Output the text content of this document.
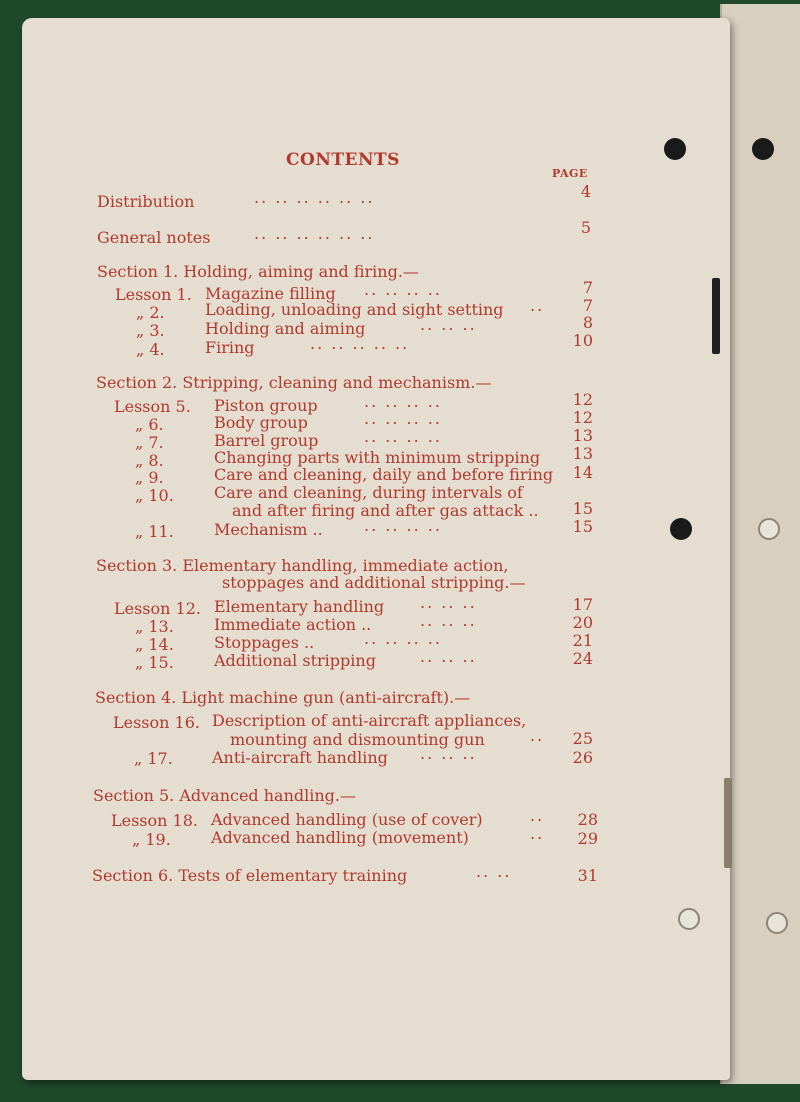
CONTENTS
PAGE
Distribution	.. .. .. .. .. ..	4
General notes	.. .. .. .. .. ..	5
Section 1. Holding, aiming and firing.—
Lesson 1. Magazine filling .. .. .. ..	7
„ 2.	Loading, unloading and sight setting ..	7
„ 3.	Holding and aiming	.. .. ..	8
„ 4.	Firing	.. .. .. .. ..	10
Section 2. Stripping, cleaning and mechanism.—
Lesson 5. Piston group	.. .. .. ..	12
„ 6.	Body group	.. .. .. ..	12
„ 7.	Barrel group	.. .. .. ..	13
„ 8.	Changing parts with minimum stripping	13
„ 9.	Care and cleaning, daily and before firing	14
„ 10.	Care and cleaning, during intervals of
and after firing and after gas attack ..	15
„ 11.	Mechanism ..	.. .. .. ..	15
Section 3. Elementary handling, immediate action,
stoppages and additional stripping.—
Lesson 12. Elementary handling .. .. ..	17
„ 13.	Immediate action ..	.. .. ..	20
„ 14.	Stoppages ..	.. .. .. ..	21
„ 15.	Additional stripping	.. .. ..	24
Section 4. Light machine gun (anti-aircraft).—
Lesson 16. Description of anti-aircraft appliances,
mounting and dismounting gun	..	25
„ 17. Anti-aircraft handling .. .. ..	26
Section 5. Advanced handling.—
Lesson 18. Advanced handling (use of cover)	..	28
„ 19.	Advanced handling (movement)	..	29
Section 6. Tests of elementary training	.. ..	31
